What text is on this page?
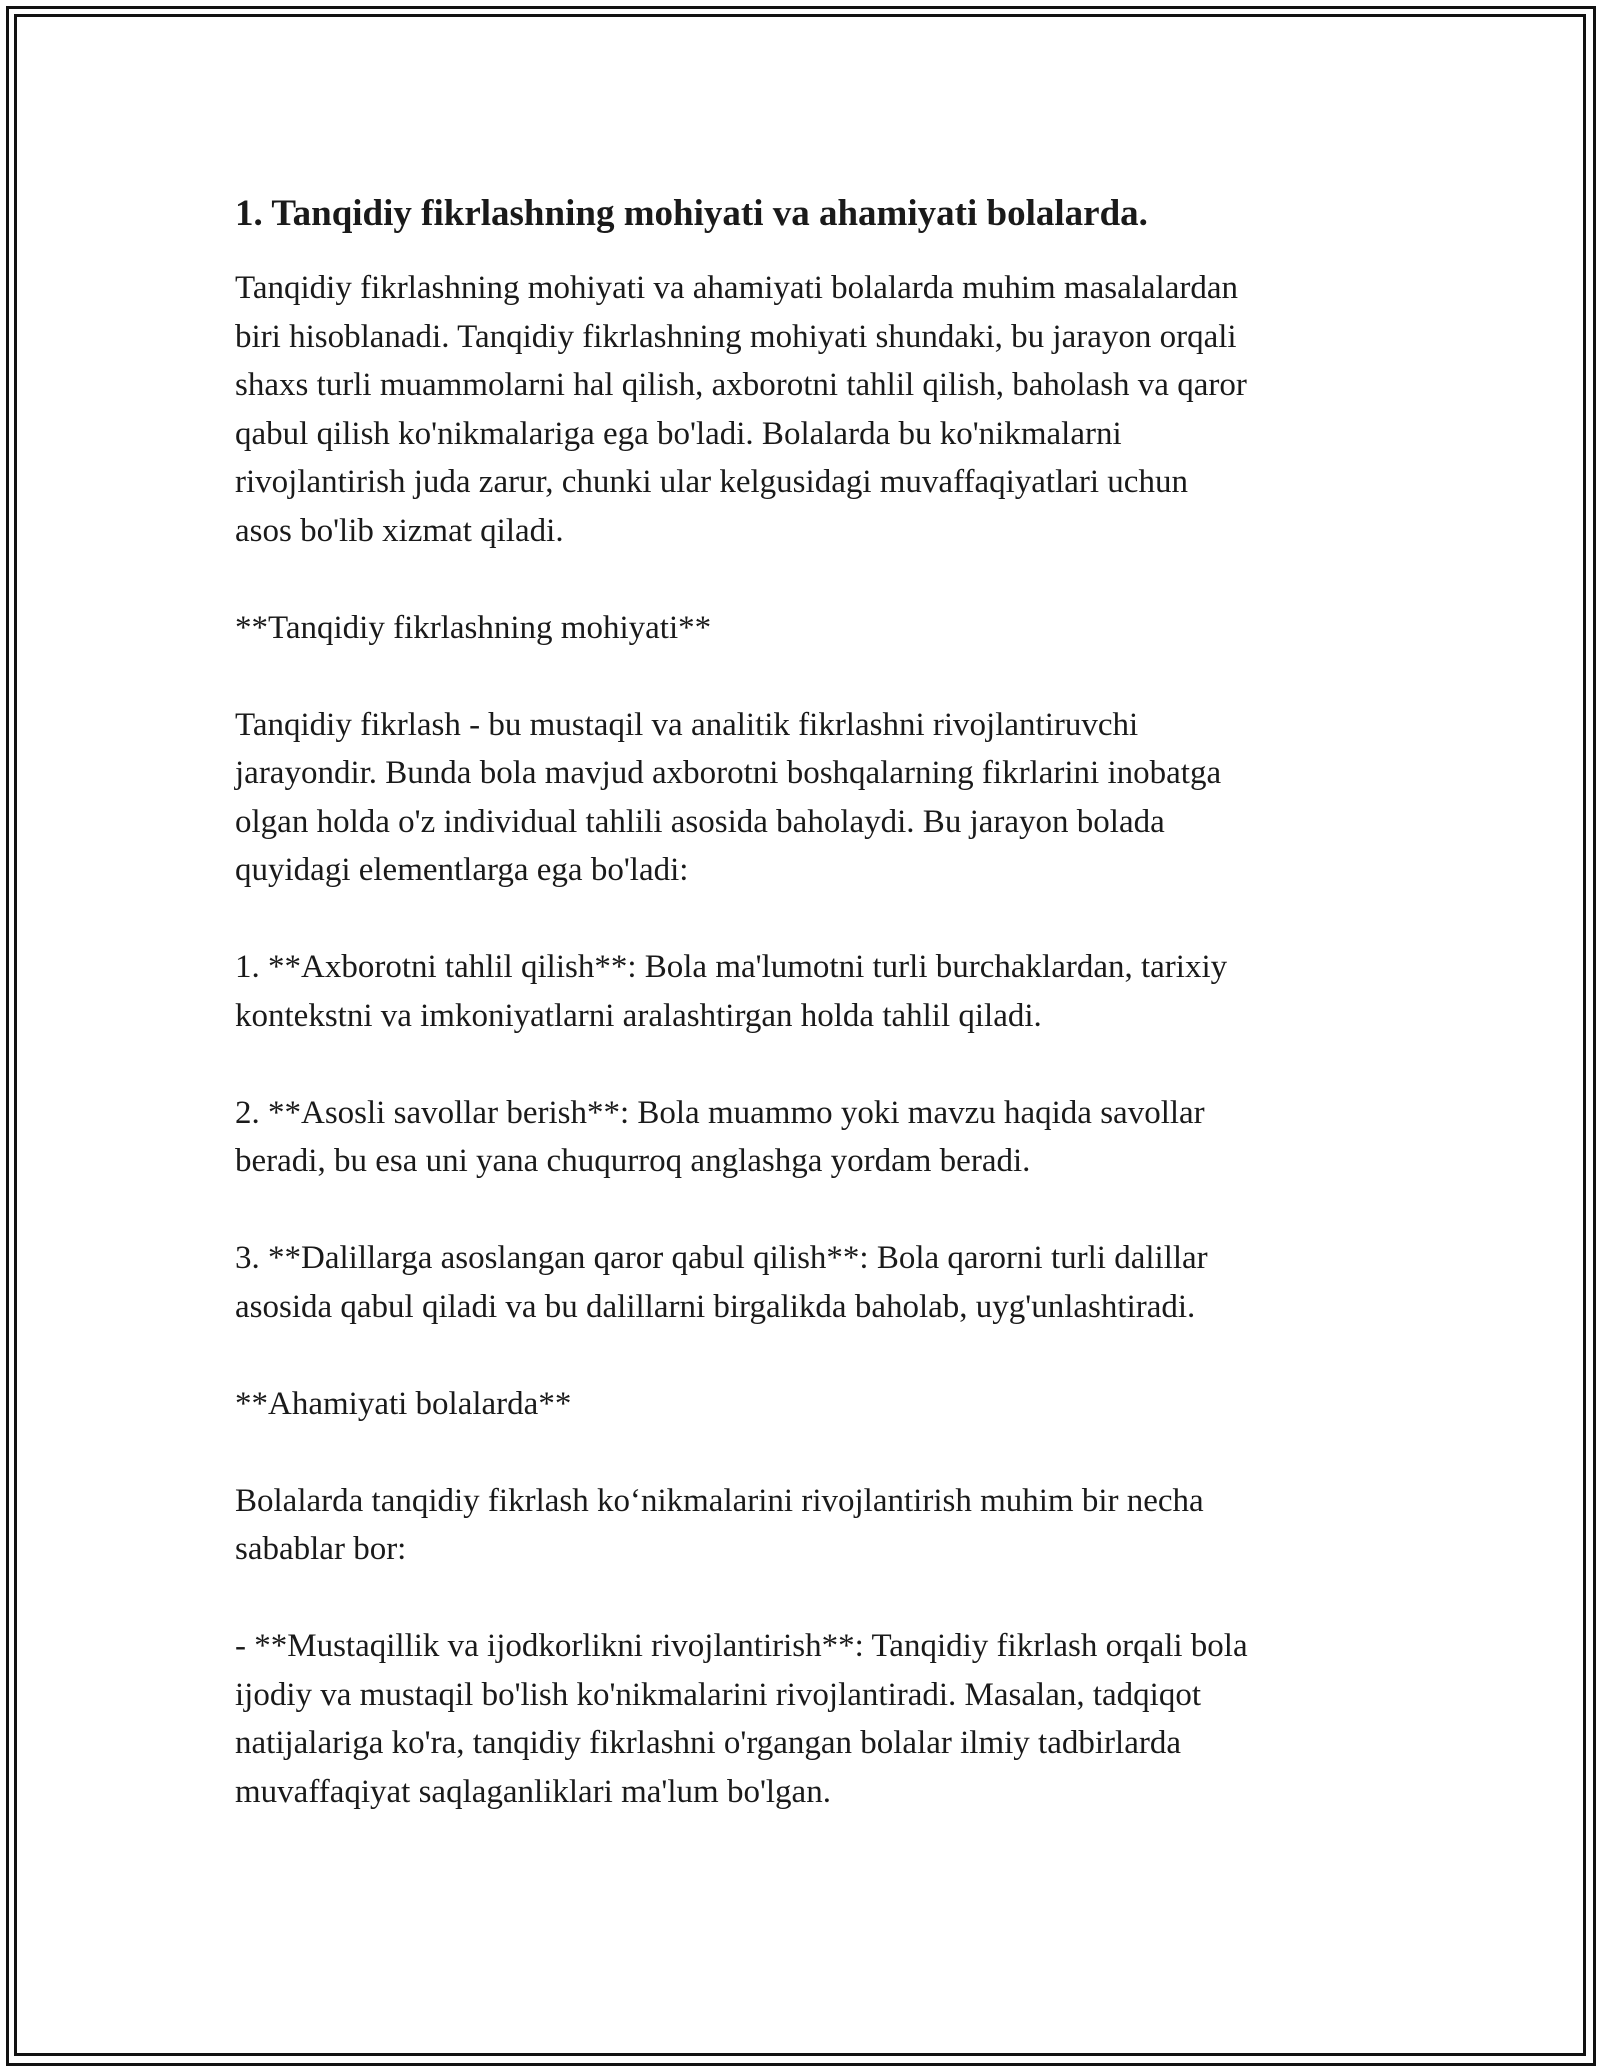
1. Tanqidiy fikrlashning mohiyati va ahamiyati bolalarda.

Tanqidiy fikrlashning mohiyati va ahamiyati bolalarda muhim masalalardan
biri hisoblanadi. Tanqidiy fikrlashning mohiyati shundaki, bu jarayon orqali
shaxs turli muammolarni hal qilish, axborotni tahlil qilish, baholash va qaror
qabul qilish ko'nikmalariga ega bo'ladi. Bolalarda bu ko'nikmalarni
rivojlantirish juda zarur, chunki ular kelgusidagi muvaffaqiyatlari uchun
asos bo'lib xizmat qiladi.

**Tanqidiy fikrlashning mohiyati**

Tanqidiy fikrlash - bu mustaqil va analitik fikrlashni rivojlantiruvchi
jarayondir. Bunda bola mavjud axborotni boshqalarning fikrlarini inobatga
olgan holda o'z individual tahlili asosida baholaydi. Bu jarayon bolada
quyidagi elementlarga ega bo'ladi:

1. **Axborotni tahlil qilish**: Bola ma'lumotni turli burchaklardan, tarixiy
kontekstni va imkoniyatlarni aralashtirgan holda tahlil qiladi.

2. **Asosli savollar berish**: Bola muammo yoki mavzu haqida savollar
beradi, bu esa uni yana chuqurroq anglashga yordam beradi.

3. **Dalillarga asoslangan qaror qabul qilish**: Bola qarorni turli dalillar
asosida qabul qiladi va bu dalillarni birgalikda baholab, uyg'unlashtiradi.

**Ahamiyati bolalarda**

Bolalarda tanqidiy fikrlash ko‘nikmalarini rivojlantirish muhim bir necha
sabablar bor:

- **Mustaqillik va ijodkorlikni rivojlantirish**: Tanqidiy fikrlash orqali bola
ijodiy va mustaqil bo'lish ko'nikmalarini rivojlantiradi. Masalan, tadqiqot
natijalariga ko'ra, tanqidiy fikrlashni o'rgangan bolalar ilmiy tadbirlarda
muvaffaqiyat saqlaganliklari ma'lum bo'lgan.
